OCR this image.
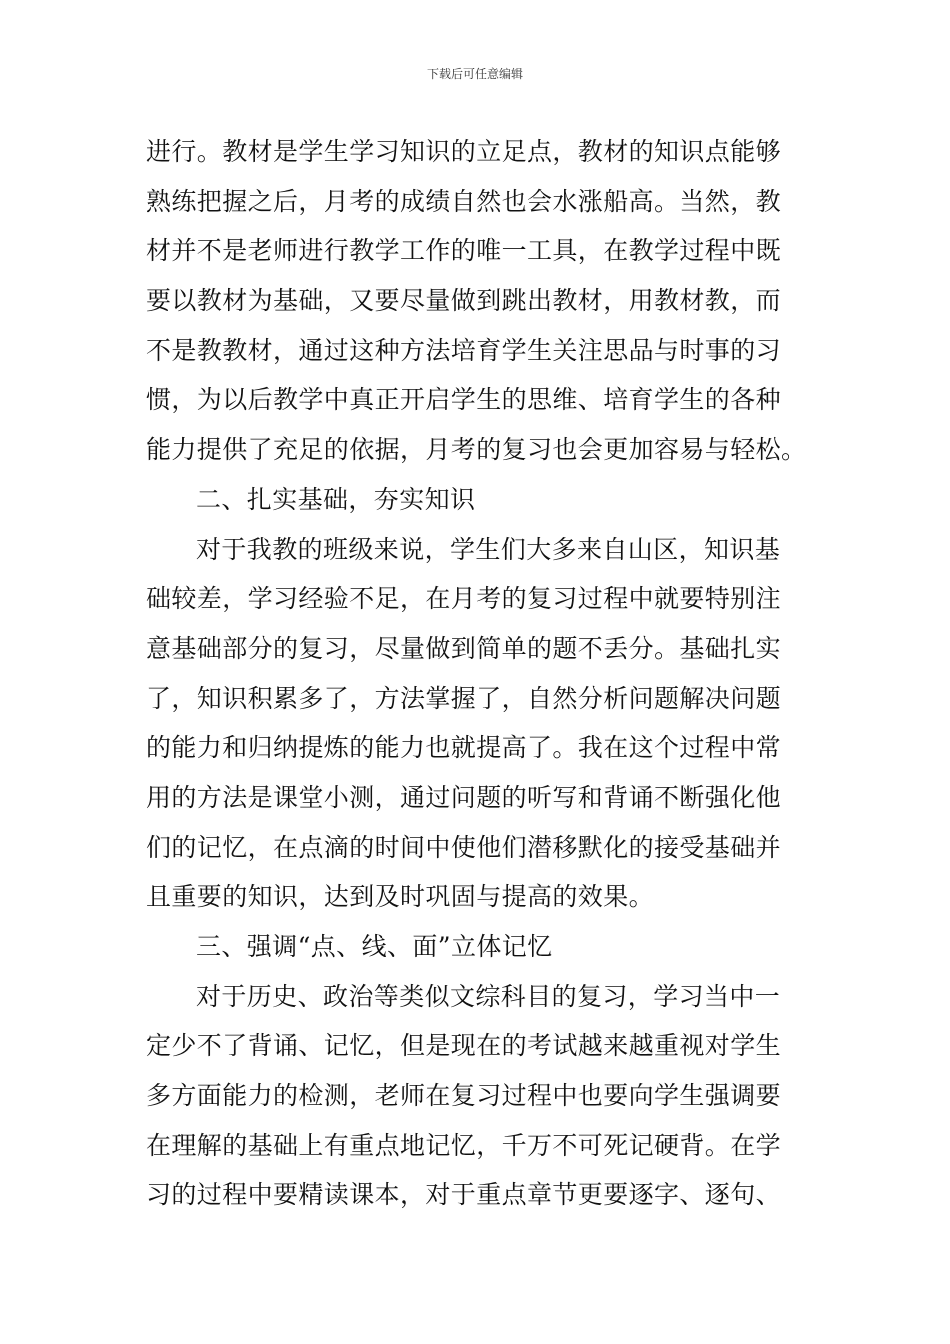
下载后可任意编辑
进行。教材是学生学习知识的立足点，教材的知识点能够
熟练把握之后，月考的成绩自然也会水涨船高。当然，教
材并不是老师进行教学工作的唯一工具，在教学过程中既
要以教材为基础，又要尽量做到跳出教材，用教材教，而
不是教教材，通过这种方法培育学生关注思品与时事的习
惯，为以后教学中真正开启学生的思维、培育学生的各种
能力提供了充足的依据，月考的复习也会更加容易与轻松。
二、扎实基础，夯实知识
对于我教的班级来说，学生们大多来自山区，知识基
础较差，学习经验不足，在月考的复习过程中就要特别注
意基础部分的复习，尽量做到简单的题不丢分。基础扎实
了，知识积累多了，方法掌握了，自然分析问题解决问题
的能力和归纳提炼的能力也就提高了。我在这个过程中常
用的方法是课堂小测，通过问题的听写和背诵不断强化他
们的记忆，在点滴的时间中使他们潜移默化的接受基础并
且重要的知识，达到及时巩固与提高的效果。
三、强调“点、线、面”立体记忆
对于历史、政治等类似文综科目的复习，学习当中一
定少不了背诵、记忆，但是现在的考试越来越重视对学生
多方面能力的检测，老师在复习过程中也要向学生强调要
在理解的基础上有重点地记忆，千万不可死记硬背。在学
习的过程中要精读课本，对于重点章节更要逐字、逐句、
